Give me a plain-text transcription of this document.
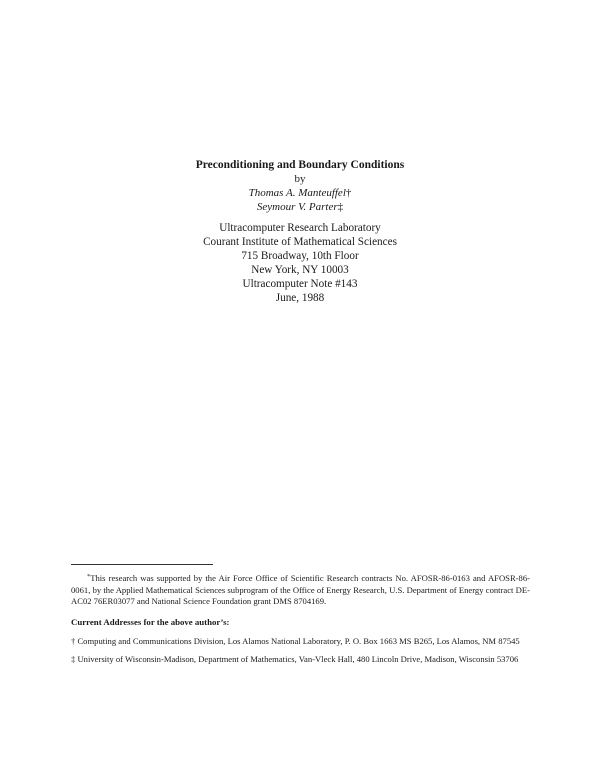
Preconditioning and Boundary Conditions
by
Thomas A. Manteuffel†
Seymour V. Parter‡
Ultracomputer Research Laboratory
Courant Institute of Mathematical Sciences
715 Broadway, 10th Floor
New York, NY 10003
Ultracomputer Note #143
June, 1988

*This research was supported by the Air Force Office of Scientific Research contracts No. AFOSR-86-0163 and AFOSR-86-0061, by the Applied Mathematical Sciences subprogram of the Office of Energy Research, U.S. Department of Energy contract DE-AC02 76ER03077 and National Science Foundation grant DMS 8704169.

Current Addresses for the above author’s:

† Computing and Communications Division, Los Alamos National Laboratory, P. O. Box 1663 MS B265, Los Alamos, NM 87545

‡ University of Wisconsin-Madison, Department of Mathematics, Van-Vleck Hall, 480 Lincoln Drive, Madison, Wisconsin 53706
